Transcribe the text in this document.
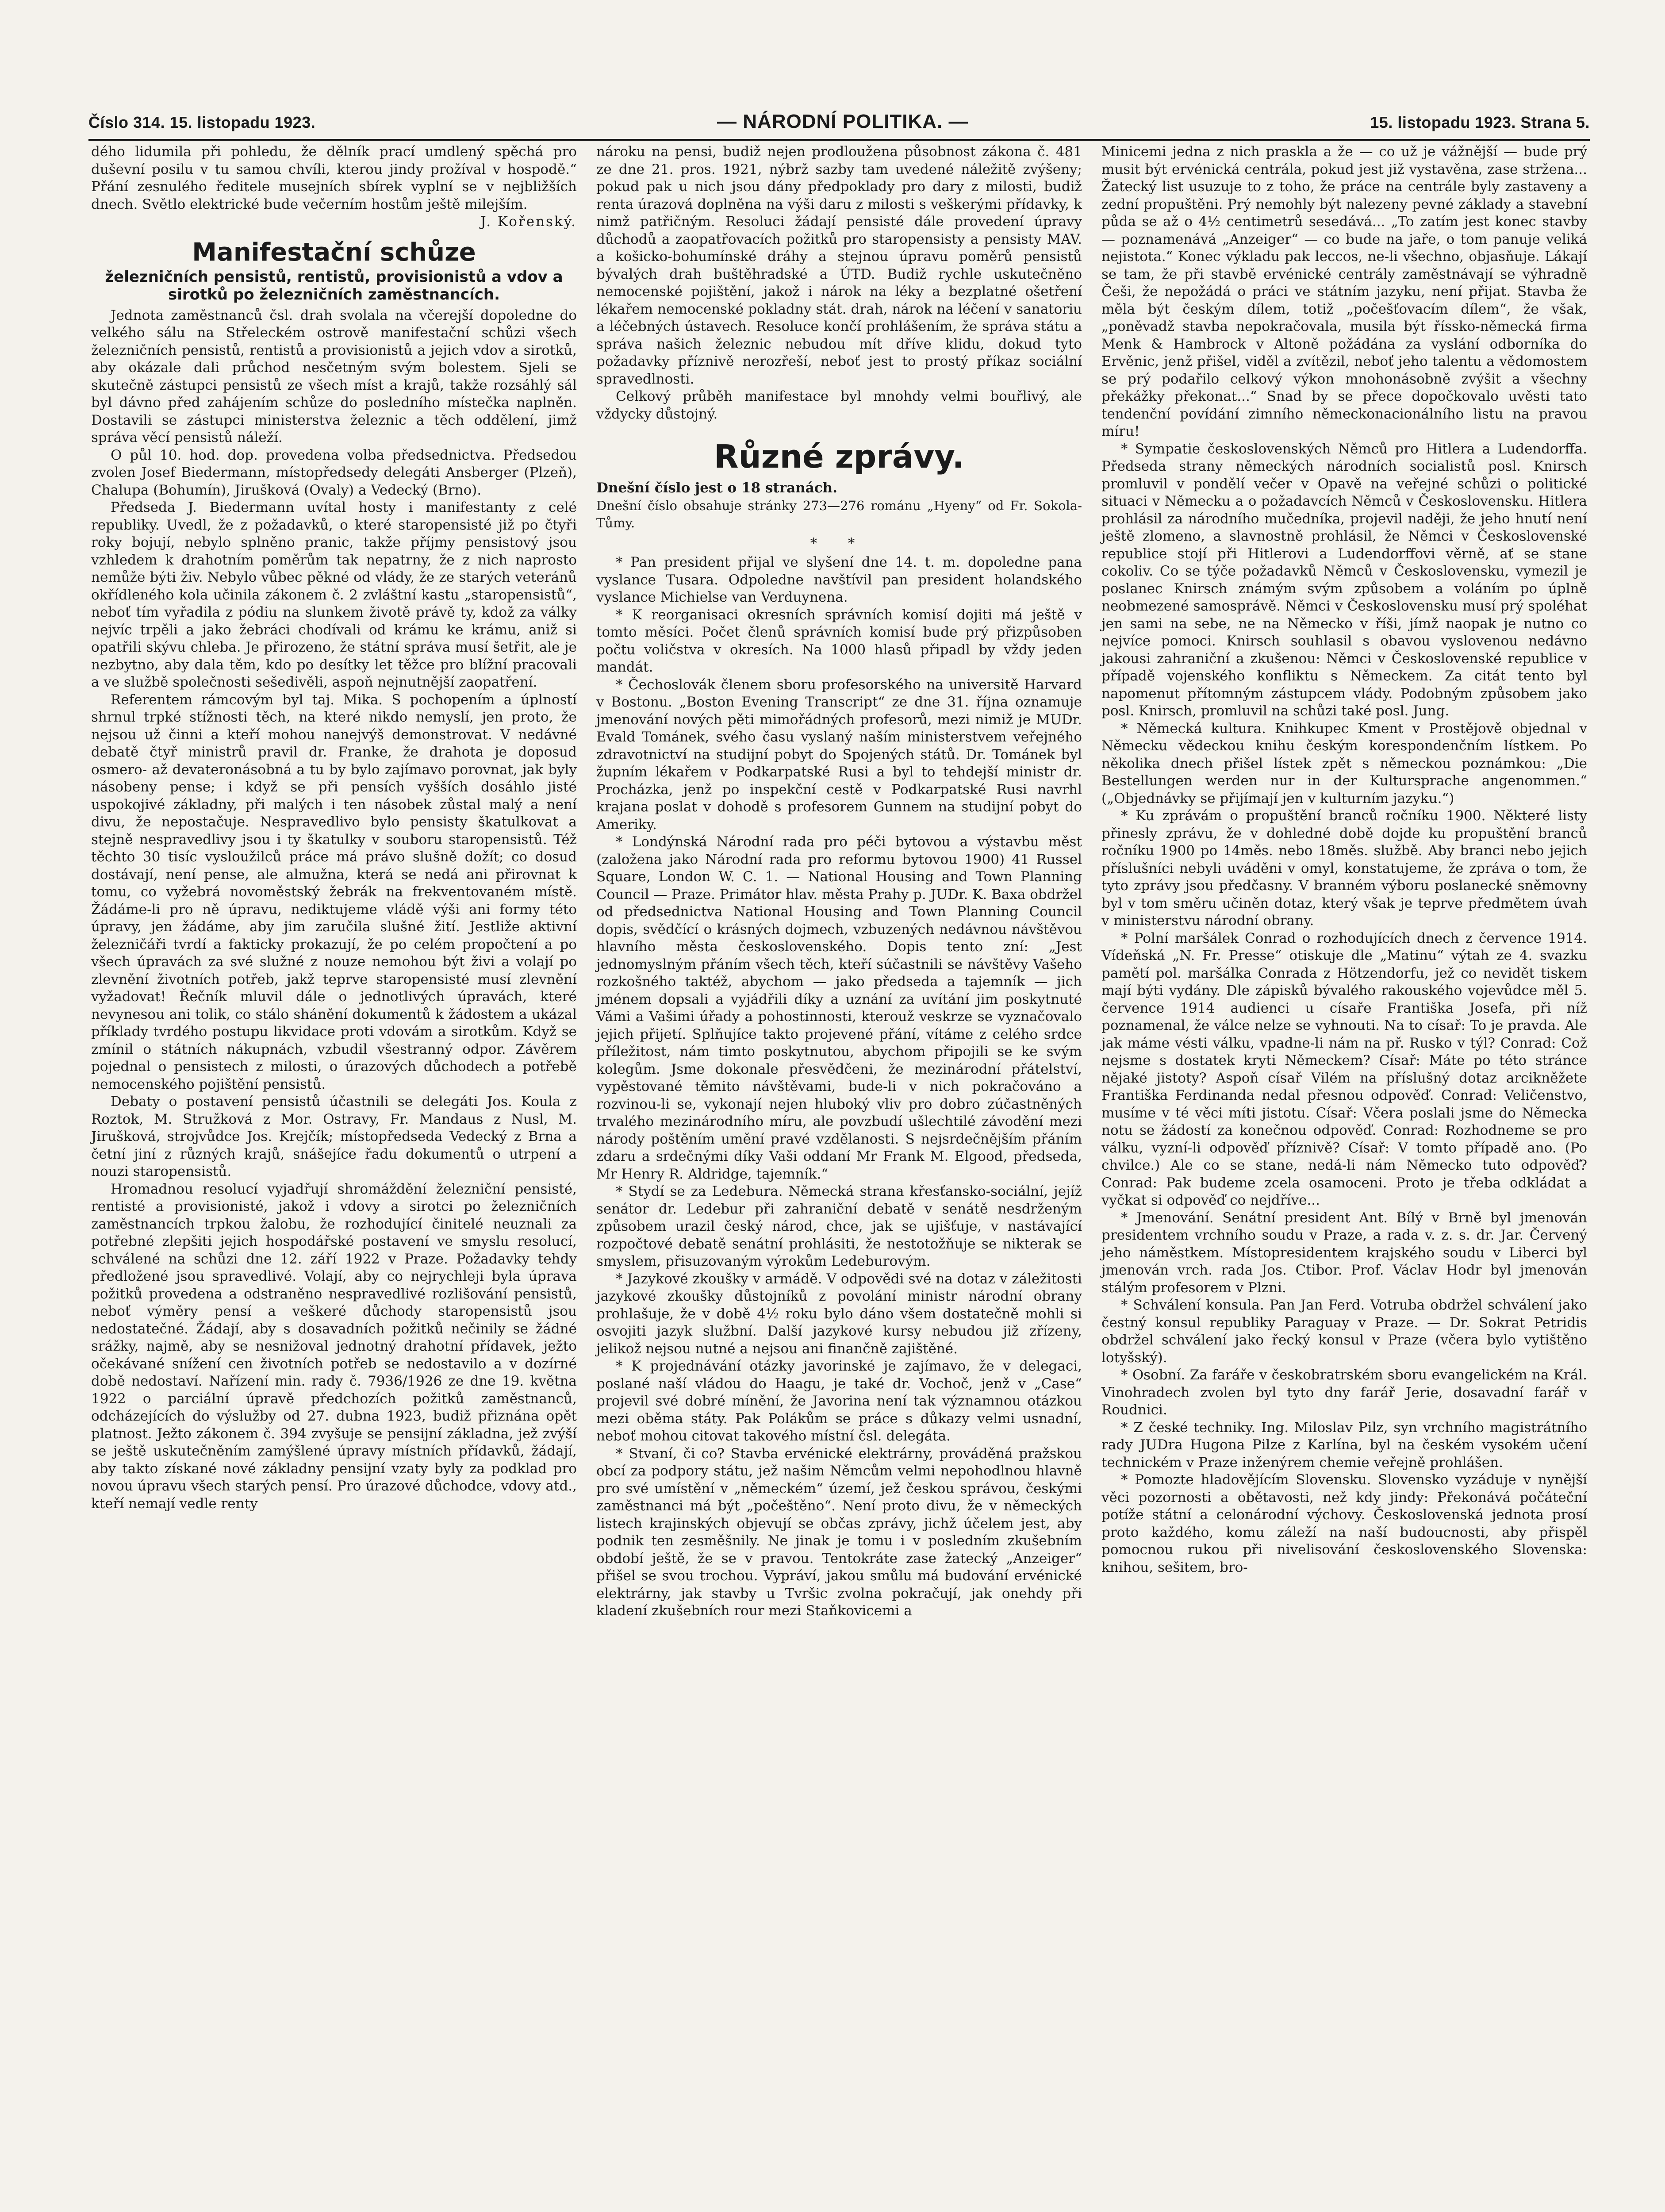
Číslo 314. 15. listopadu 1923.	— NÁRODNÍ POLITIKA. —	15. listopadu 1923. Strana 5.

dého lidumila při pohledu, že dělník prací umdlený spěchá pro duševní posilu v tu samou chvíli, kterou jindy prožíval v hospodě.“ Přání zesnulého ředitele musejních sbírek vyplní se v nejbližších dnech. Světlo elektrické bude večerním hostům ještě milejším.

J. Kořenský.

Manifestační schůze
železničních pensistů, rentistů, provisionistů a vdov a sirotků po železničních zaměstnancích.

Jednota zaměstnanců čsl. drah svolala na včerejší dopoledne do velkého sálu na Střeleckém ostrově manifestační schůzi všech železničních pensistů, rentistů a provisionistů a jejich vdov a sirotků, aby okázale dali průchod nesčetným svým bolestem. Sjeli se skutečně zástupci pensistů ze všech míst a krajů, takže rozsáhlý sál byl dávno před zahájením schůze do posledního místečka naplněn. Dostavili se zástupci ministerstva železnic a těch oddělení, jimž správa věcí pensistů náleží.

O půl 10. hod. dop. provedena volba předsednictva. Předsedou zvolen Josef Biedermann, místopředsedy delegáti Ansberger (Plzeň), Chalupa (Bohumín), Jirušková (Ovaly) a Vedecký (Brno).

Předseda J. Biedermann uvítal hosty i manifestanty z celé republiky. Uvedl, že z požadavků, o které staropensisté již po čtyři roky bojují, nebylo splněno pranic, takže příjmy pensistový jsou vzhledem k drahotním poměrům tak nepatrny, že z nich naprosto nemůže býti živ. Nebylo vůbec pěkné od vlády, že ze starých veteránů okřídleného kola učinila zákonem č. 2 zvláštní kastu „staropensistů“, neboť tím vyřadila z pódiu na slunkem životě právě ty, kdož za války nejvíc trpěli a jako žebráci chodívali od krámu ke krámu, aniž si opatřili skývu chleba. Je přirozeno, že státní správa musí šetřit, ale je nezbytno, aby dala těm, kdo po desítky let těžce pro blížní pracovali a ve službě společnosti sešedivěli, aspoň nejnutnější zaopatření.

Referentem rámcovým byl taj. Mika. S pochopením a úplností shrnul trpké stížnosti těch, na které nikdo nemyslí, jen proto, že nejsou už činni a kteří mohou nanejvýš demonstrovat. V nedávné debatě čtyř ministrů pravil dr. Franke, že drahota je doposud osmero- až devateronásobná a tu by bylo zajímavo porovnat, jak byly násobeny pense; i když se při pensích vyšších dosáhlo jisté uspokojivé základny, při malých i ten násobek zůstal malý a není divu, že nepostačuje. Nespravedlivo bylo pensisty škatulkovat a stejně nespravedlivy jsou i ty škatulky v souboru staropensistů. Též těchto 30 tisíc vysloužilců práce má právo slušně dožít; co dosud dostávají, není pense, ale almužna, která se nedá ani přirovnat k tomu, co vyžebrá novoměstský žebrák na frekventovaném místě. Žádáme-li pro ně úpravu, nediktujeme vládě výši ani formy této úpravy, jen žádáme, aby jim zaručila slušné žití. Jestliže aktivní železničáři tvrdí a fakticky prokazují, že po celém propočtení a po všech úpravách za své služné z nouze nemohou být živi a volají po zlevnění životních potřeb, jakž teprve staropensisté musí zlevnění vyžadovat! Řečník mluvil dále o jednotlivých úpravách, které nevynesou ani tolik, co stálo shánění dokumentů k žádostem a ukázal příklady tvrdého postupu likvidace proti vdovám a sirotkům. Když se zmínil o státních nákupnách, vzbudil všestranný odpor. Závěrem pojednal o pensistech z milosti, o úrazových důchodech a potřebě nemocenského pojištění pensistů.

Debaty o postavení pensistů účastnili se delegáti Jos. Koula z Roztok, M. Stružková z Mor. Ostravy, Fr. Mandaus z Nusl, M. Jirušková, strojvůdce Jos. Krejčík; místopředseda Vedecký z Brna a četní jiní z různých krajů, snášejíce řadu dokumentů o utrpení a nouzi staropensistů.

Hromadnou resolucí vyjadřují shromáždění železniční pensisté, rentisté a provisionisté, jakož i vdovy a sirotci po železničních zaměstnancích trpkou žalobu, že rozhodující činitelé neuznali za potřebné zlepšiti jejich hospodářské postavení ve smyslu resolucí, schválené na schůzi dne 12. září 1922 v Praze. Požadavky tehdy předložené jsou spravedlivé. Volají, aby co nejrychleji byla úprava požitků provedena a odstraněno nespravedlivé rozlišování pensistů, neboť výměry pensí a veškeré důchody staropensistů jsou nedostatečné. Žádají, aby s dosavadních požitků nečinily se žádné srážky, najmě, aby se nesnižoval jednotný drahotní přídavek, ježto očekávané snížení cen životních potřeb se nedostavilo a v dozírné době nedostaví. Nařízení min. rady č. 7936/1926 ze dne 19. května 1922 o parciální úpravě předchozích požitků zaměstnanců, odcházejících do výslužby od 27. dubna 1923, budiž přiznána opět platnost. Ježto zákonem č. 394 zvyšuje se pensijní základna, jež zvýší se ještě uskutečněním zamýšlené úpravy místních přídavků, žádají, aby takto získané nové základny pensijní vzaty byly za podklad pro novou úpravu všech starých pensí. Pro úrazové důchodce, vdovy atd., kteří nemají vedle renty

nároku na pensi, budiž nejen prodloužena působnost zákona č. 481 ze dne 21. pros. 1921, nýbrž sazby tam uvedené náležitě zvýšeny; pokud pak u nich jsou dány předpoklady pro dary z milosti, budiž renta úrazová doplněna na výši daru z milosti s veškerými přídavky, k nimž patřičným. Resoluci žádají pensisté dále provedení úpravy důchodů a zaopatřovacích požitků pro staropensisty a pensisty MAV. a košicko-bohumínské dráhy a stejnou úpravu poměrů pensistů bývalých drah buštěhradské a ÚTD. Budiž rychle uskutečněno nemocenské pojištění, jakož i nárok na léky a bezplatné ošetření lékařem nemocenské pokladny stát. drah, nárok na léčení v sanatoriu a léčebných ústavech. Resoluce končí prohlášením, že správa státu a správa našich železnic nebudou mít dříve klidu, dokud tyto požadavky příznivě nerozřeší, neboť jest to prostý příkaz sociální spravedlnosti.

Celkový průběh manifestace byl mnohdy velmi bouřlivý, ale vždycky důstojný.

Různé zprávy.

Dnešní číslo jest o 18 stranách.

Dnešní číslo obsahuje stránky 273—276 románu „Hyeny“ od Fr. Sokola-Tůmy.

* *

* Pan president přijal ve slyšení dne 14. t. m. dopoledne pana vyslance Tusara. Odpoledne navštívil pan president holandského vyslance Michielse van Verduynena.

* K reorganisaci okresních správních komisí dojiti má ještě v tomto měsíci. Počet členů správních komisí bude prý přizpůsoben počtu voličstva v okresích. Na 1000 hlasů připadl by vždy jeden mandát.

* Čechoslovák členem sboru profesorského na universitě Harvard v Bostonu. „Boston Evening Transcript“ ze dne 31. října oznamuje jmenování nových pěti mimořádných profesorů, mezi nimiž je MUDr. Evald Tománek, svého času vyslaný naším ministerstvem veřejného zdravotnictví na studijní pobyt do Spojených států. Dr. Tománek byl župním lékařem v Podkarpatské Rusi a byl to tehdejší ministr dr. Procházka, jenž po inspekční cestě v Podkarpatské Rusi navrhl krajana poslat v dohodě s profesorem Gunnem na studijní pobyt do Ameriky.

* Londýnská Národní rada pro péči bytovou a výstavbu měst (založena jako Národní rada pro reformu bytovou 1900) 41 Russel Square, London W. C. 1. — National Housing and Town Planning Council — Praze. Primátor hlav. města Prahy p. JUDr. K. Baxa obdržel od předsednictva National Housing and Town Planning Council dopis, svědčící o krásných dojmech, vzbuzených nedávnou návštěvou hlavního města československého. Dopis tento zní: „Jest jednomyslným přáním všech těch, kteří súčastnili se návštěvy Vašeho rozkošného taktéž, abychom — jako předseda a tajemník — jich jménem dopsali a vyjádřili díky a uznání za uvítání jim poskytnuté Vámi a Vašimi úřady a pohostinnosti, kterouž veskrze se vyznačovalo jejich přijetí. Splňujíce takto projevené přání, vítáme z celého srdce příležitost, nám timto poskytnutou, abychom připojili se ke svým kolegům. Jsme dokonale přesvědčeni, že mezinárodní přátelství, vypěstované těmito návštěvami, bude-li v nich pokračováno a rozvinou-li se, vykonají nejen hluboký vliv pro dobro zúčastněných trvalého mezinárodního míru, ale povzbudí ušlechtilé závodění mezi národy poštěním umění pravé vzdělanosti. S nejsrdečnějším přáním zdaru a srdečnými díky Vaši oddaní Mr Frank M. Elgood, předseda, Mr Henry R. Aldridge, tajemník.“

* Stydí se za Ledebura. Německá strana křesťansko-sociální, jejíž senátor dr. Ledebur při zahraniční debatě v senátě nesdrženým způsobem urazil český národ, chce, jak se ujišťuje, v nastávající rozpočtové debatě senátní prohlásiti, že nestotožňuje se nikterak se smyslem, přisuzovaným výrokům Ledeburovým.

* Jazykové zkoušky v armádě. V odpovědi své na dotaz v záležitosti jazykové zkoušky důstojníků z povolání ministr národní obrany prohlašuje, že v době 4½ roku bylo dáno všem dostatečně mohli si osvojiti jazyk službní. Další jazykové kursy nebudou již zřízeny, jelikož nejsou nutné a nejsou ani finančně zajištěné.

* K projednávání otázky javorinské je zajímavo, že v delegaci, poslané naší vládou do Haagu, je také dr. Vochoč, jenž v „Case“ projevil své dobré mínění, že Javorina není tak významnou otázkou mezi oběma státy. Pak Polákům se práce s důkazy velmi usnadní, neboť mohou citovat takového místní čsl. delegáta.

* Stvaní, či co? Stavba ervénické elektrárny, prováděná pražskou obcí za podpory státu, jež našim Němcům velmi nepohodlnou hlavně pro své umístění v „německém“ území, jež českou správou, českými zaměstnanci má být „počeštěno“. Není proto divu, že v německých listech krajinských objevují se občas zprávy, jichž účelem jest, aby podnik ten zesměšnily. Ne jinak je tomu i v posledním zkušebním období ještě, že se v pravou. Tentokráte zase žatecký „Anzeiger“ přišel se svou trochou. Vypráví, jakou smůlu má budování ervénické elektrárny, jak stavby u Tvršic zvolna pokračují, jak onehdy při kladení zkušebních rour mezi Staňkovicemi a

Minicemi jedna z nich praskla a že — co už je vážnější — bude prý musit být ervénická centrála, pokud jest již vystavěna, zase stržena... Žatecký list usuzuje to z toho, že práce na centrále byly zastaveny a zední propuštěni. Prý nemohly být nalezeny pevné základy a stavební půda se až o 4½ centimetrů sesedává... „To zatím jest konec stavby — poznamenává „Anzeiger“ — co bude na jaře, o tom panuje veliká nejistota.“ Konec výkladu pak leccos, ne-li všechno, objasňuje. Lákají se tam, že při stavbě ervénické centrály zaměstnávají se výhradně Češi, že nepožádá o práci ve státním jazyku, není přijat. Stavba že měla být českým dílem, totiž „počešťovacím dílem“, že však, „poněvadž stavba nepokračovala, musila být říssko-německá firma Menk & Hambrock v Altoně požádána za vyslání odborníka do Ervěnic, jenž přišel, viděl a zvítězil, neboť jeho talentu a vědomostem se prý podařilo celkový výkon mnohonásobně zvýšit a všechny překážky překonat...“ Snad by se přece dopočkovalo uvěsti tato tendenční povídání zimního německonacionálního listu na pravou míru!

* Sympatie československých Němců pro Hitlera a Ludendorffa. Předseda strany německých národních socialistů posl. Knirsch promluvil v pondělí večer v Opavě na veřejné schůzi o politické situaci v Německu a o požadavcích Němců v Československu. Hitlera prohlásil za národního mučedníka, projevil naději, že jeho hnutí není ještě zlomeno, a slavnostně prohlásil, že Němci v Československé republice stojí při Hitlerovi a Ludendorffovi věrně, ať se stane cokoliv. Co se týče požadavků Němců v Československu, vymezil je poslanec Knirsch známým svým způsobem a voláním po úplně neobmezené samosprávě. Němci v Československu musí prý spoléhat jen sami na sebe, ne na Německo v říši, jímž naopak je nutno co nejvíce pomoci. Knirsch souhlasil s obavou vyslovenou nedávno jakousi zahraniční a zkušenou: Němci v Československé republice v případě vojenského konfliktu s Německem. Za citát tento byl napomenut přítomným zástupcem vlády. Podobným způsobem jako posl. Knirsch, promluvil na schůzi také posl. Jung.

* Německá kultura. Knihkupec Kment v Prostějově objednal v Německu vědeckou knihu českým korespondenčním lístkem. Po několika dnech přišel lístek zpět s německou poznámkou: „Die Bestellungen werden nur in der Kultursprache angenommen.“ („Objednávky se přijímají jen v kulturním jazyku.“)

* Ku zprávám o propuštění branců ročníku 1900. Některé listy přinesly zprávu, že v dohledné době dojde ku propuštění branců ročníku 1900 po 14měs. nebo 18měs. službě. Aby branci nebo jejich příslušníci nebyli uváděni v omyl, konstatujeme, že zpráva o tom, že tyto zprávy jsou předčasny. V branném výboru poslanecké sněmovny byl v tom směru učiněn dotaz, který však je teprve předmětem úvah v ministerstvu národní obrany.

* Polní maršálek Conrad o rozhodujících dnech z července 1914. Vídeňská „N. Fr. Presse“ otiskuje dle „Matinu“ výtah ze 4. svazku pamětí pol. maršálka Conrada z Hötzendorfu, jež co nevidět tiskem mají býti vydány. Dle zápisků bývalého rakouského vojevůdce měl 5. července 1914 audienci u císaře Františka Josefa, při níž poznamenal, že válce nelze se vyhnouti. Na to císař: To je pravda. Ale jak máme vésti válku, vpadne-li nám na př. Rusko v týl? Conrad: Což nejsme s dostatek kryti Německem? Císař: Máte po této stránce nějaké jistoty? Aspoň císař Vilém na příslušný dotaz arcikněžete Františka Ferdinanda nedal přesnou odpověď. Conrad: Veličenstvo, musíme v té věci míti jistotu. Císař: Včera poslali jsme do Německa notu se žádostí za konečnou odpověď. Conrad: Rozhodneme se pro válku, vyzní-li odpověď příznivě? Císař: V tomto případě ano. (Po chvilce.) Ale co se stane, nedá-li nám Německo tuto odpověď? Conrad: Pak budeme zcela osamoceni. Proto je třeba odkládat a vyčkat si odpověď co nejdříve...

* Jmenování. Senátní president Ant. Bílý v Brně byl jmenován presidentem vrchního soudu v Praze, a rada v. z. s. dr. Jar. Červený jeho náměstkem. Místopresidentem krajského soudu v Liberci byl jmenován vrch. rada Jos. Ctibor. Prof. Václav Hodr byl jmenován stálým profesorem v Plzni.

* Schválení konsula. Pan Jan Ferd. Votruba obdržel schválení jako čestný konsul republiky Paraguay v Praze. — Dr. Sokrat Petridis obdržel schválení jako řecký konsul v Praze (včera bylo vytištěno lotyšský).

* Osobní. Za faráře v českobratrském sboru evangelickém na Král. Vinohradech zvolen byl tyto dny farář Jerie, dosavadní farář v Roudnici.

* Z české techniky. Ing. Miloslav Pilz, syn vrchního magistrátního rady JUDra Hugona Pilze z Karlína, byl na českém vysokém učení technickém v Praze inženýrem chemie veřejně prohlášen.

* Pomozte hladovějícím Slovensku. Slovensko vyzáduje v nynější věci pozornosti a obětavosti, než kdy jindy: Překonává počáteční potíže státní a celonárodní výchovy. Československá jednota prosí proto každého, komu záleží na naší budoucnosti, aby přispěl pomocnou rukou při nivelisování československého Slovenska: knihou, sešitem, bro-
